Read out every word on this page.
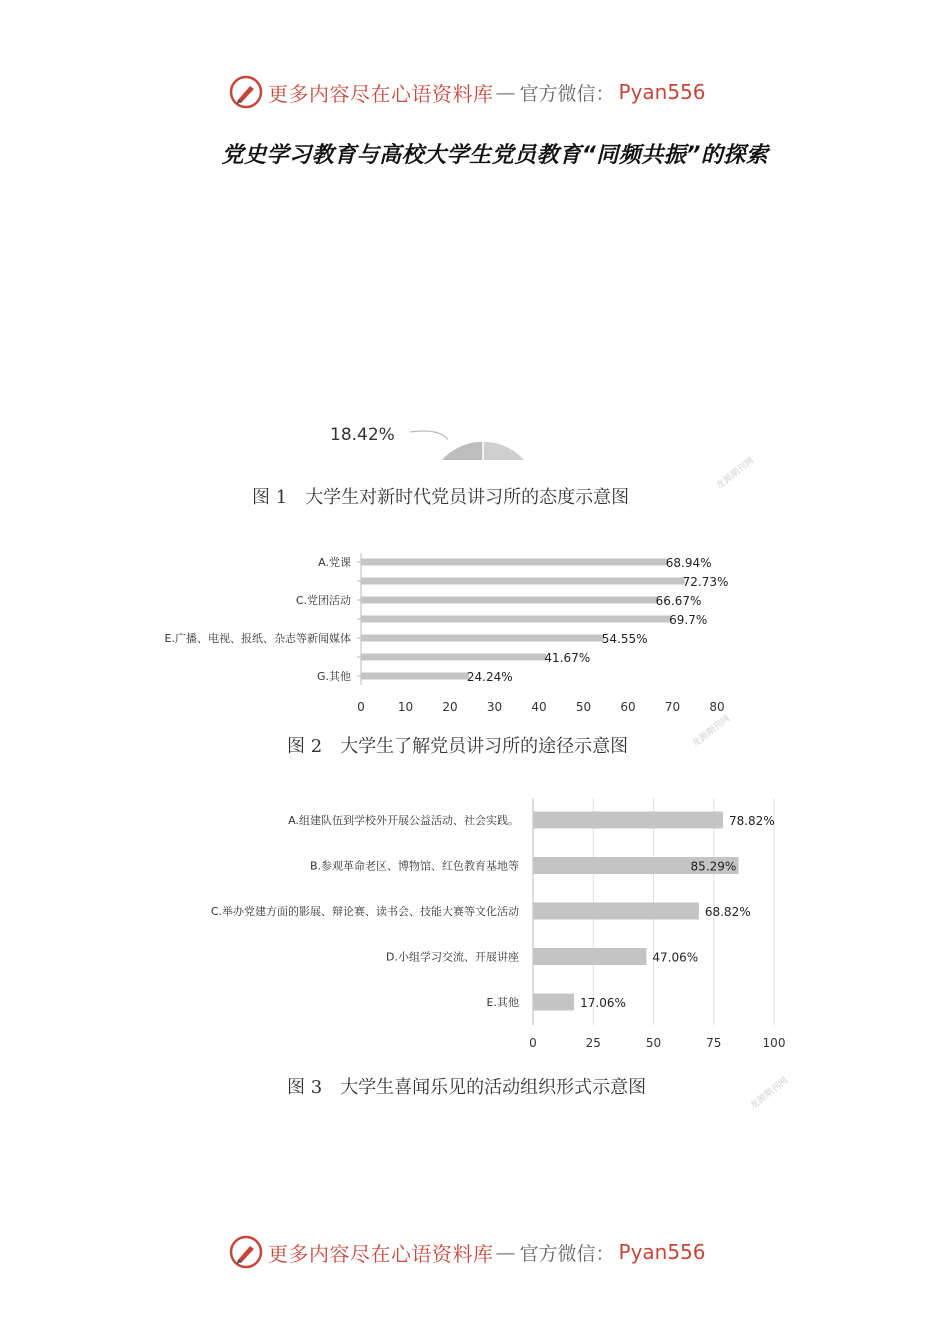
更多内容尽在心语资料库 — 官方微信： Pyan556
党史学习教育与高校大学生党员教育“同频共振”的探索
18.42%
图 1 大学生对新时代党员讲习所的态度示意图
龙源期刊网
0	10 20 30 40 50 60 70 80
68.94%
A.党课
72.73%
66.67%
C.党团活动
69.7%
54.55%
E.广播、电视、报纸、杂志等新闻媒体
41.67%
24.24%
G.其他
图 2 大学生了解党员讲习所的途径示意图	龙源期刊网
0	25	50	75	100
78.82%
A.组建队伍到学校外开展公益活动、社会实践。
85.29%
B.参观革命老区、博物馆、红色教育基地等
68.82%
C.举办党建方面的影展、辩论赛、读书会、技能大赛等文化活动
47.06%
D.小组学习交流、开展讲座
17.06%
E.其他
图 3 大学生喜闻乐见的活动组织形式示意图	龙源期刊网
更多内容尽在心语资料库 — 官方微信： Pyan556
